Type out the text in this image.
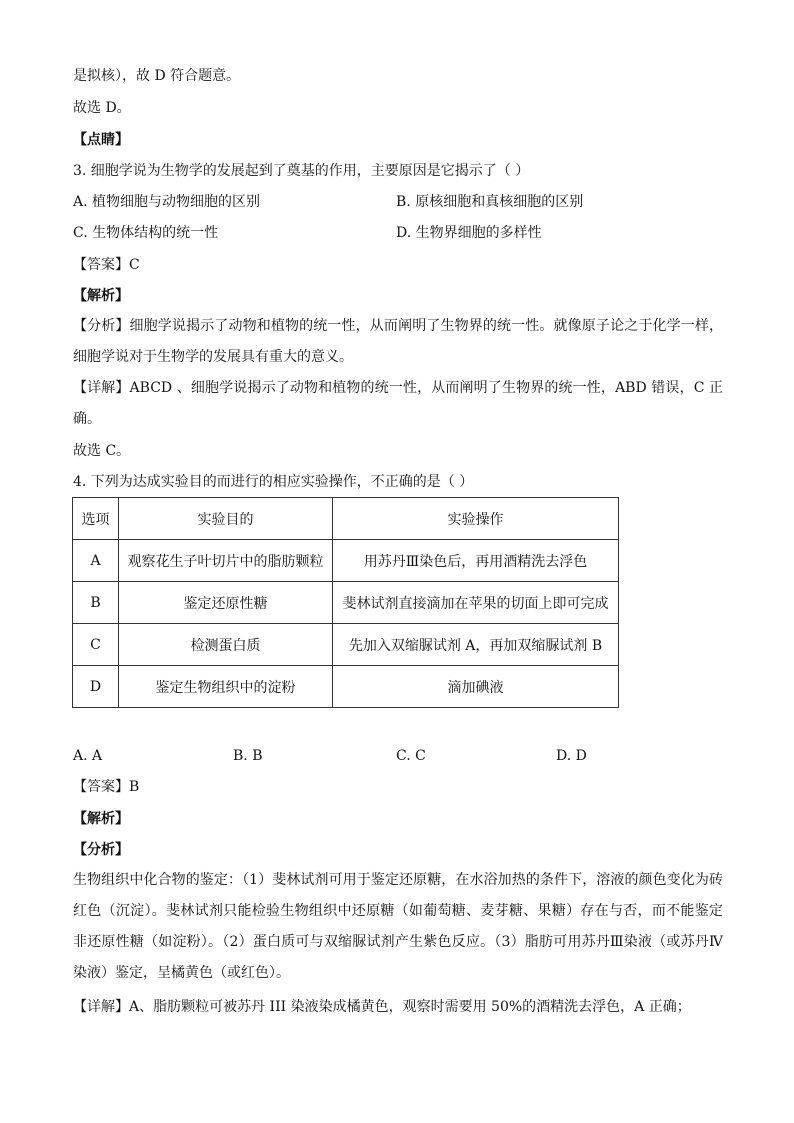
是拟核），故 D 符合题意。
故选 D。
【点睛】
3. 细胞学说为生物学的发展起到了奠基的作用，主要原因是它揭示了（ ）
A. 植物细胞与动物细胞的区别	B. 原核细胞和真核细胞的区别
C. 生物体结构的统一性	D. 生物界细胞的多样性
【答案】C
【解析】
【分析】细胞学说揭示了动物和植物的统一性，从而阐明了生物界的统一性。就像原子论之于化学一样，细胞学说对于生物学的发展具有重大的意义。
【详解】ABCD 、细胞学说揭示了动物和植物的统一性，从而阐明了生物界的统一性，ABD 错误，C 正确。
故选 C。
4. 下列为达成实验目的而进行的相应实验操作，不正确的是（ ）
选项	实验目的	实验操作
A	观察花生子叶切片中的脂肪颗粒	用苏丹Ⅲ染色后，再用酒精洗去浮色
B	鉴定还原性糖	斐林试剂直接滴加在苹果的切面上即可完成
C	检测蛋白质	先加入双缩脲试剂 A，再加双缩脲试剂 B
D	鉴定生物组织中的淀粉	滴加碘液
A. A	B. B	C. C	D. D
【答案】B
【解析】
【分析】
生物组织中化合物的鉴定：（1）斐林试剂可用于鉴定还原糖，在水浴加热的条件下，溶液的颜色变化为砖红色（沉淀）。斐林试剂只能检验生物组织中还原糖（如葡萄糖、麦芽糖、果糖）存在与否，而不能鉴定非还原性糖（如淀粉）。（2）蛋白质可与双缩脲试剂产生紫色反应。（3）脂肪可用苏丹Ⅲ染液（或苏丹Ⅳ染液）鉴定，呈橘黄色（或红色）。
【详解】A、脂肪颗粒可被苏丹 III 染液染成橘黄色，观察时需要用 50%的酒精洗去浮色，A 正确；
